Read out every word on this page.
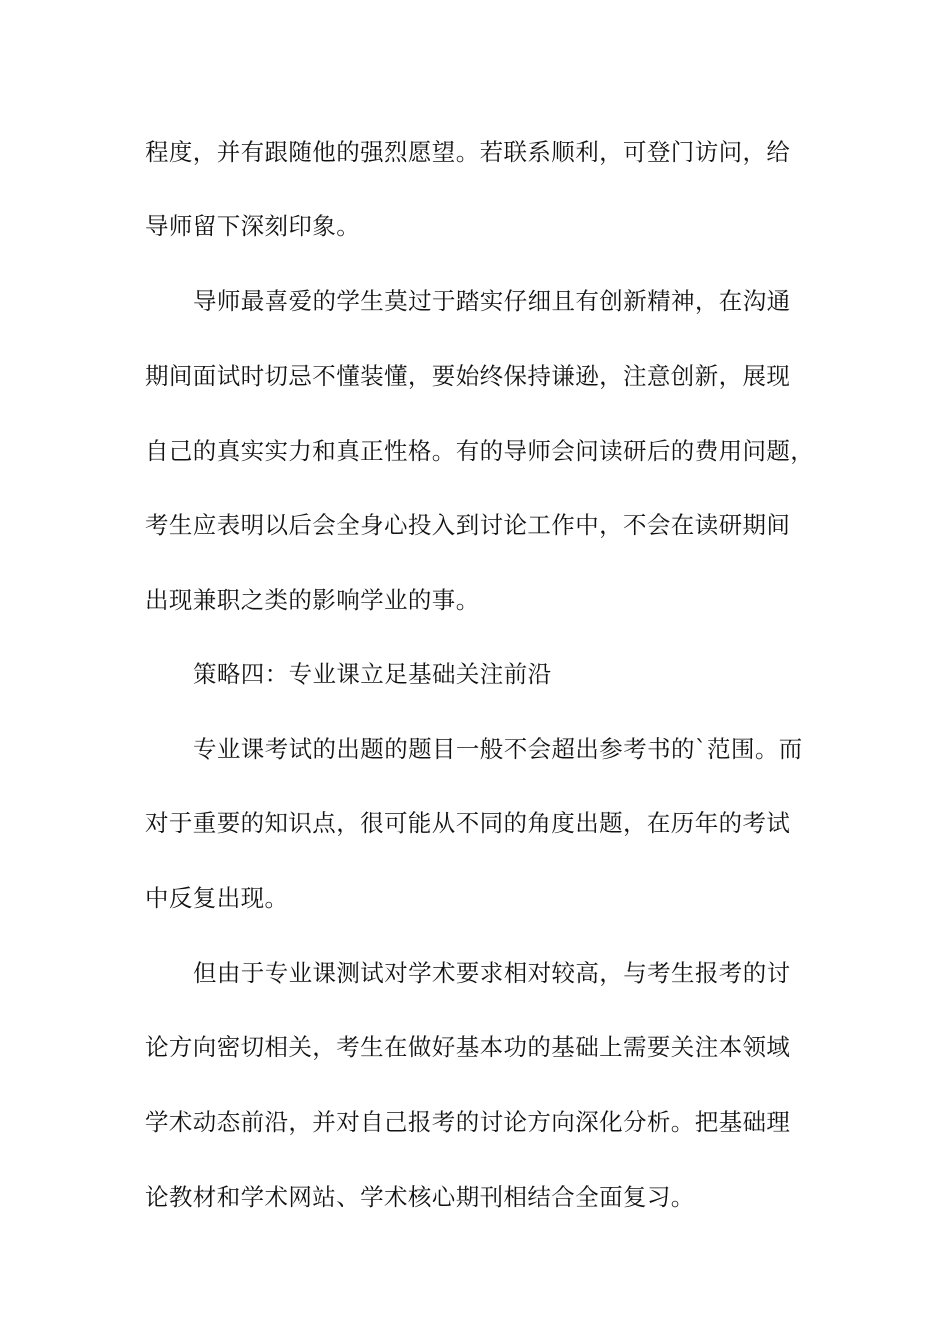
程度，并有跟随他的强烈愿望。若联系顺利，可登门访问，给
导师留下深刻印象。
导师最喜爱的学生莫过于踏实仔细且有创新精神，在沟通
期间面试时切忌不懂装懂，要始终保持谦逊，注意创新，展现
自己的真实实力和真正性格。有的导师会问读研后的费用问题，
考生应表明以后会全身心投入到讨论工作中，不会在读研期间
出现兼职之类的影响学业的事。
策略四：专业课立足基础关注前沿
专业课考试的出题的题目一般不会超出参考书的`范围。而
对于重要的知识点，很可能从不同的角度出题，在历年的考试
中反复出现。
但由于专业课测试对学术要求相对较高，与考生报考的讨
论方向密切相关，考生在做好基本功的基础上需要关注本领域
学术动态前沿，并对自己报考的讨论方向深化分析。把基础理
论教材和学术网站、学术核心期刊相结合全面复习。
